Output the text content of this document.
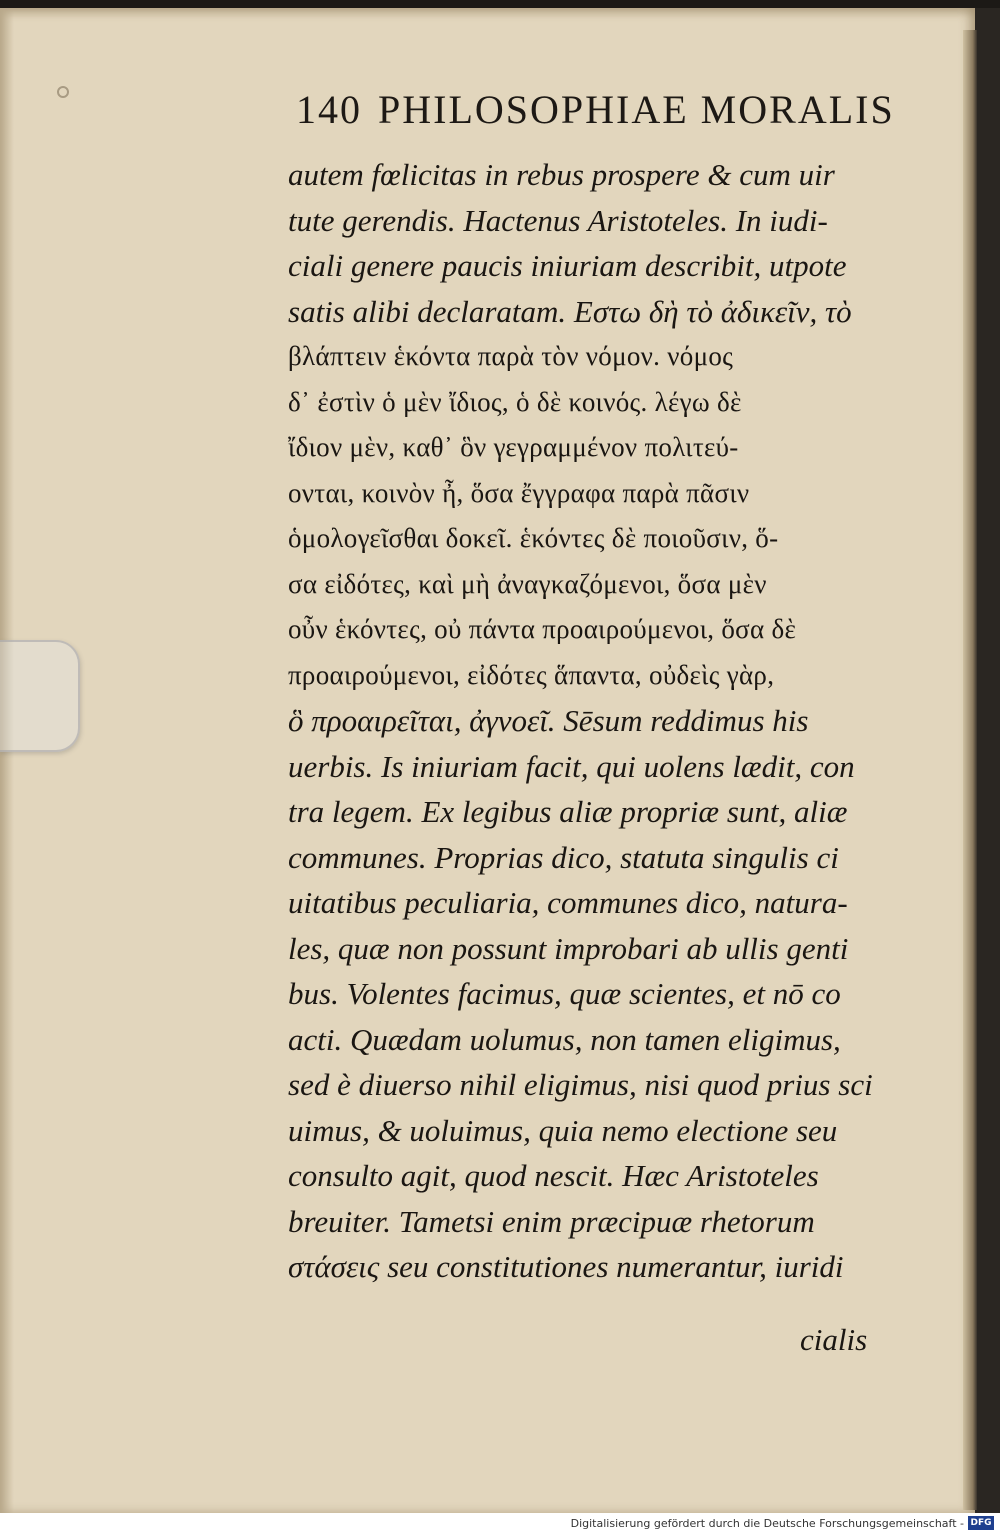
140 PHILOSOPHIAE MORALIS
autem fœlicitas in rebus prospere & cum uir
tute gerendis. Hactenus Aristoteles. In iudi-
ciali genere paucis iniuriam describit, utpote
satis alibi declaratam. Εστω δὴ τὸ ἀδικεῖν, τὸ
βλάπτειν ἑκόντα παρὰ τὸν νόμον. νόμος
δ᾽ ἐστὶν ὁ μὲν ἴδιος, ὁ δὲ κοινός. λέγω δὲ
ἴδιον μὲν, καθ᾽ ὃν γεγραμμένον πολιτεύ-
ονται, κοινὸν ἦ, ὅσα ἔγγραφα παρὰ πᾶσιν
ὁμολογεῖσθαι δοκεῖ. ἑκόντες δὲ ποιοῦσιν, ὅ-
σα εἰδότες, καὶ μὴ ἀναγκαζόμενοι, ὅσα μὲν
οὖν ἑκόντες, οὐ πάντα προαιρούμενοι, ὅσα δὲ
προαιρούμενοι, εἰδότες ἅπαντα, οὐδεὶς γὰρ,
ὃ προαιρεῖται, ἀγνοεῖ. Sēsum reddimus his
uerbis. Is iniuriam facit, qui uolens lædit, con
tra legem. Ex legibus aliæ propriæ sunt, aliæ
communes. Proprias dico, statuta singulis ci
uitatibus peculiaria, communes dico, natura-
les, quæ non possunt improbari ab ullis genti
bus. Volentes facimus, quæ scientes, et nō co
acti. Quædam uolumus, non tamen eligimus,
sed è diuerso nihil eligimus, nisi quod prius sci
uimus, & uoluimus, quia nemo electione seu
consulto agit, quod nescit. Hæc Aristoteles
breuiter. Tametsi enim præcipuæ rhetorum
στάσεις seu constitutiones numerantur, iuridi
cialis
Digitalisierung gefördert durch die Deutsche Forschungsgemeinschaft - DFG
